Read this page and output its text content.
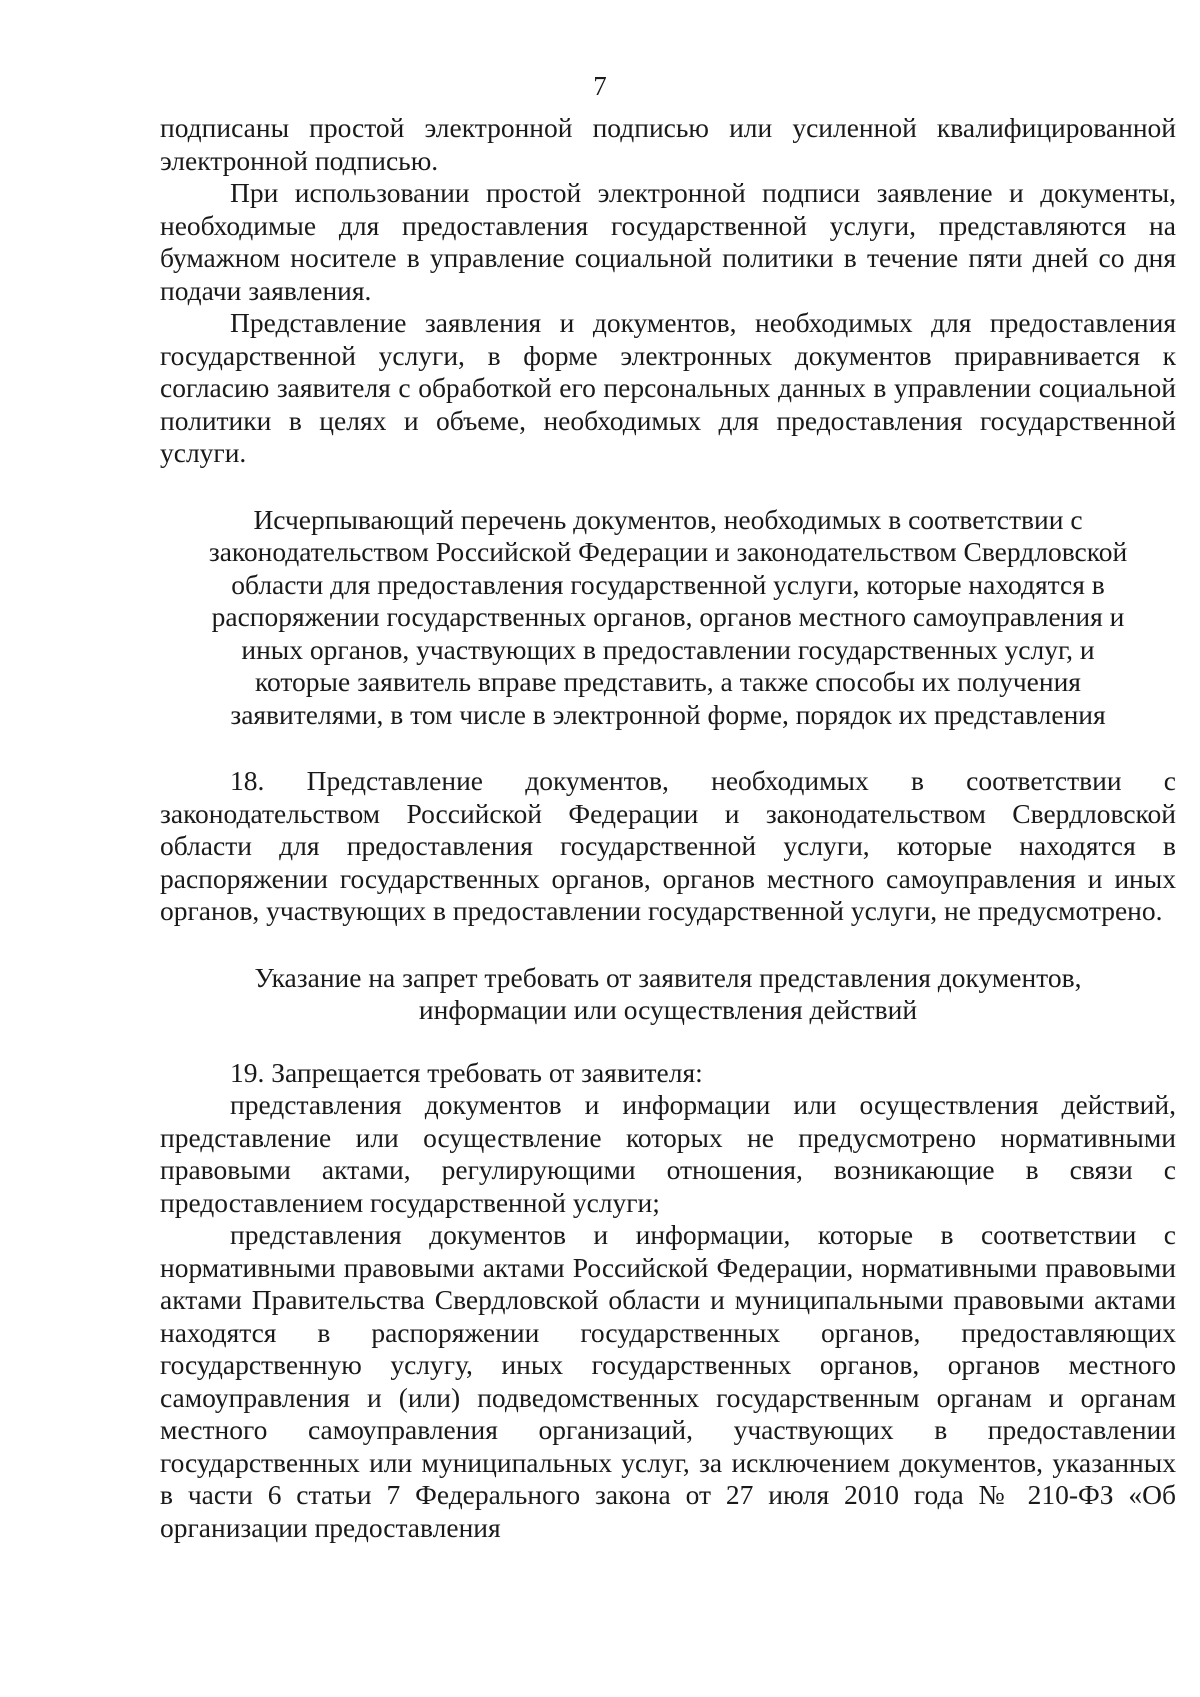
7

подписаны простой электронной подписью или усиленной квалифицированной электронной подписью.

При использовании простой электронной подписи заявление и документы, необходимые для предоставления государственной услуги, представляются на бумажном носителе в управление социальной политики в течение пяти дней со дня подачи заявления.

Представление заявления и документов, необходимых для предоставления государственной услуги, в форме электронных документов приравнивается к согласию заявителя с обработкой его персональных данных в управлении социальной политики в целях и объеме, необходимых для предоставления государственной услуги.

Исчерпывающий перечень документов, необходимых в соответствии с законодательством Российской Федерации и законодательством Свердловской области для предоставления государственной услуги, которые находятся в распоряжении государственных органов, органов местного самоуправления и иных органов, участвующих в предоставлении государственных услуг, и которые заявитель вправе представить, а также способы их получения заявителями, в том числе в электронной форме, порядок их представления

18. Представление документов, необходимых в соответствии с законодательством Российской Федерации и законодательством Свердловской области для предоставления государственной услуги, которые находятся в распоряжении государственных органов, органов местного самоуправления и иных органов, участвующих в предоставлении государственной услуги, не предусмотрено.

Указание на запрет требовать от заявителя представления документов, информации или осуществления действий

19. Запрещается требовать от заявителя:

представления документов и информации или осуществления действий, представление или осуществление которых не предусмотрено нормативными правовыми актами, регулирующими отношения, возникающие в связи с предоставлением государственной услуги;

представления документов и информации, которые в соответствии с нормативными правовыми актами Российской Федерации, нормативными правовыми актами Правительства Свердловской области и муниципальными правовыми актами находятся в распоряжении государственных органов, предоставляющих государственную услугу, иных государственных органов, органов местного самоуправления и (или) подведомственных государственным органам и органам местного самоуправления организаций, участвующих в предоставлении государственных или муниципальных услуг, за исключением документов, указанных в части 6 статьи 7 Федерального закона от 27 июля 2010 года № 210-ФЗ «Об организации предоставления
